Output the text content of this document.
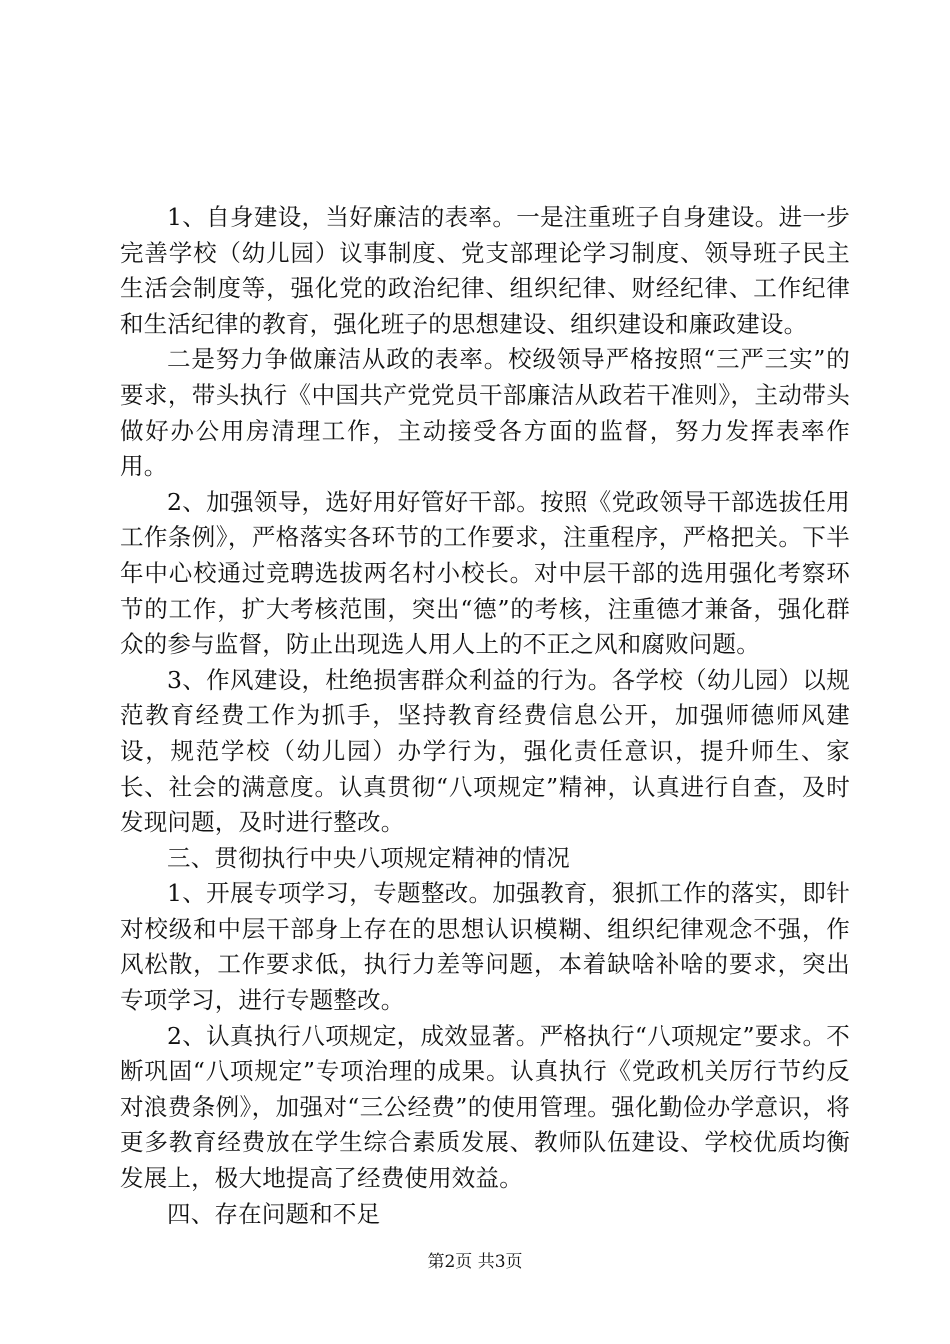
1、自身建设，当好廉洁的表率。一是注重班子自身建设。进一步完善学校（幼儿园）议事制度、党支部理论学习制度、领导班子民主生活会制度等，强化党的政治纪律、组织纪律、财经纪律、工作纪律和生活纪律的教育，强化班子的思想建设、组织建设和廉政建设。

二是努力争做廉洁从政的表率。校级领导严格按照“三严三实”的要求，带头执行《中国共产党党员干部廉洁从政若干准则》，主动带头做好办公用房清理工作，主动接受各方面的监督，努力发挥表率作用。

2、加强领导，选好用好管好干部。按照《党政领导干部选拔任用工作条例》，严格落实各环节的工作要求，注重程序，严格把关。下半年中心校通过竞聘选拔两名村小校长。对中层干部的选用强化考察环节的工作，扩大考核范围，突出“德”的考核，注重德才兼备，强化群众的参与监督，防止出现选人用人上的不正之风和腐败问题。

3、作风建设，杜绝损害群众利益的行为。各学校（幼儿园）以规范教育经费工作为抓手，坚持教育经费信息公开，加强师德师风建设，规范学校（幼儿园）办学行为，强化责任意识，提升师生、家长、社会的满意度。认真贯彻“八项规定”精神，认真进行自查，及时发现问题，及时进行整改。

三、贯彻执行中央八项规定精神的情况

1、开展专项学习，专题整改。加强教育，狠抓工作的落实，即针对校级和中层干部身上存在的思想认识模糊、组织纪律观念不强，作风松散，工作要求低，执行力差等问题，本着缺啥补啥的要求，突出专项学习，进行专题整改。

2、认真执行八项规定，成效显著。严格执行“八项规定”要求。不断巩固“八项规定”专项治理的成果。认真执行《党政机关厉行节约反对浪费条例》，加强对“三公经费”的使用管理。强化勤俭办学意识，将更多教育经费放在学生综合素质发展、教师队伍建设、学校优质均衡发展上，极大地提高了经费使用效益。

四、存在问题和不足

第2页 共3页
